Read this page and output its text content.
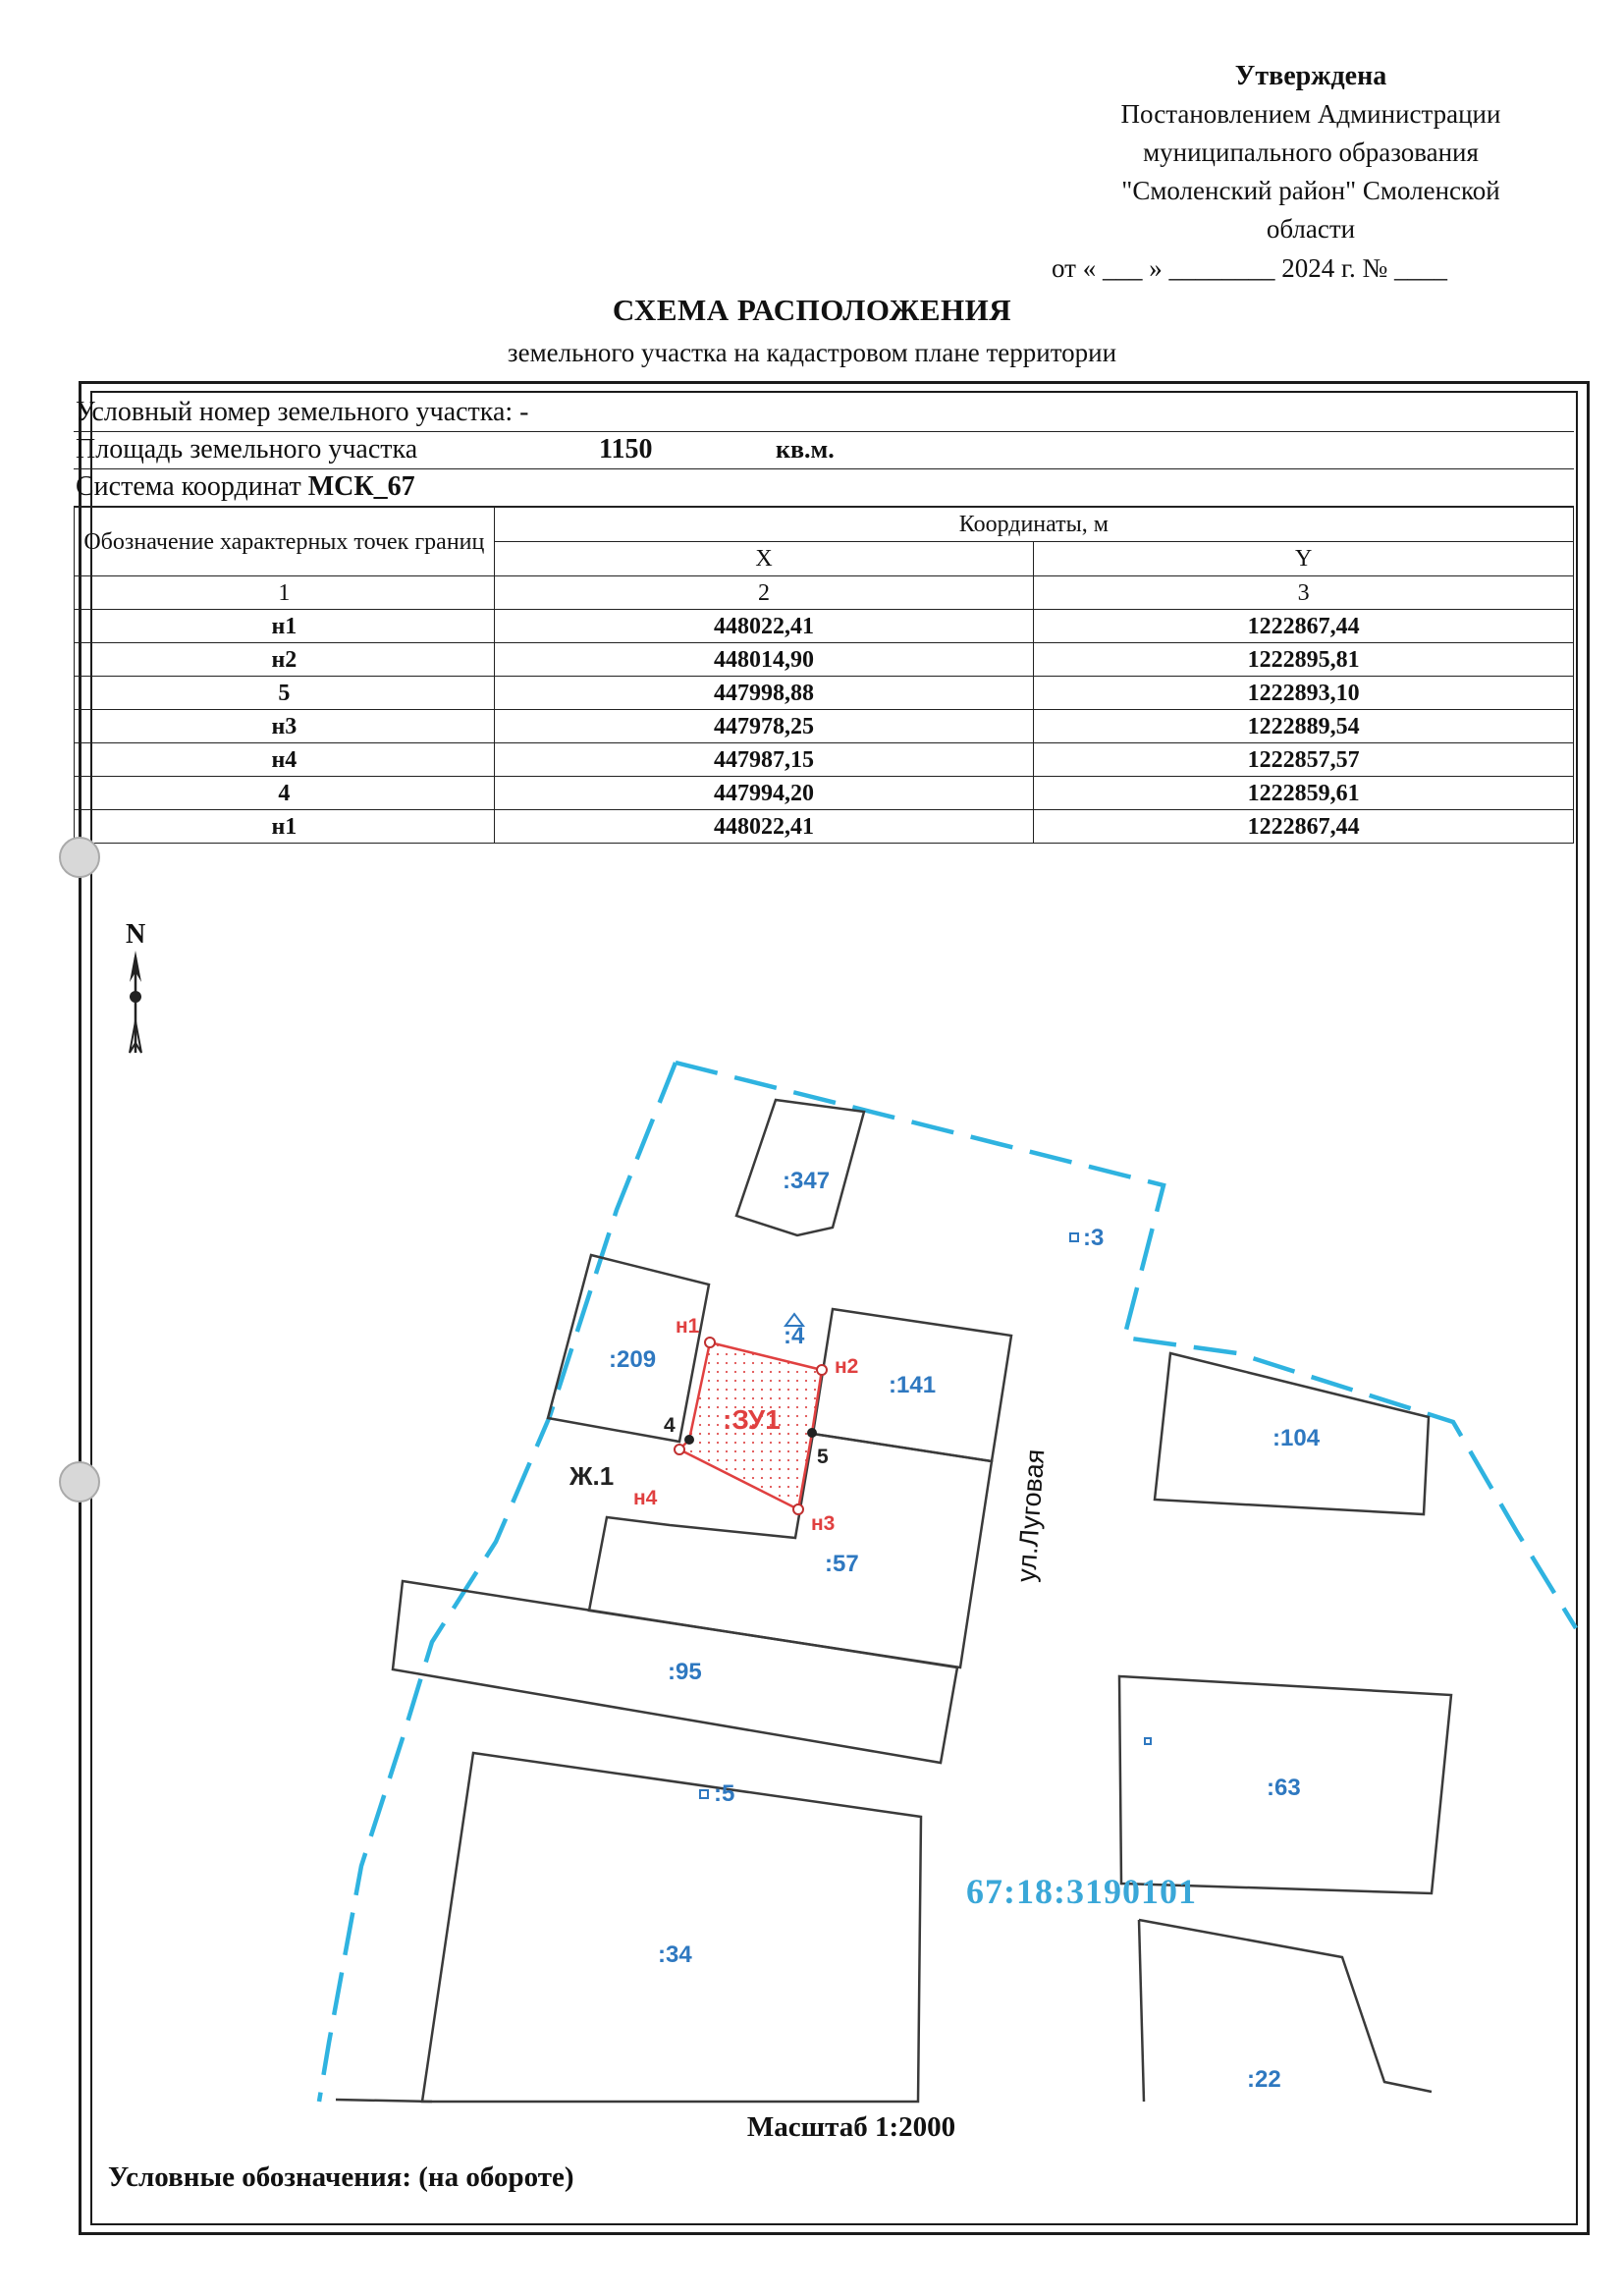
Утверждена
Постановлением Администрации
муниципального образования
"Смоленский район" Смоленской
области
от « ___ » ________ 2024 г. № ____
СХЕМА РАСПОЛОЖЕНИЯ
земельного участка на кадастровом плане территории
Условный номер земельного участка: -
Площадь земельного участка	1150	кв.м.
Система координат МСК_67
Обозначение характерных точек границ	Координаты, м	
	X	Y
1	2	3
н1	448022,41	1222867,44
н2	448014,90	1222895,81
5	447998,88	1222893,10
н3	447978,25	1222889,54
н4	447987,15	1222857,57
4	447994,20	1222859,61
н1	448022,41	1222867,44
N
:347
:3
:209
:4
:141
:104
:57
:95
:63
:5
:34
:22
:ЗУ1
н1
н2
н3
н4
4
5
Ж.1	ул.Луговая
67:18:3190101
Масштаб 1:2000
Условные обозначения: (на обороте)
